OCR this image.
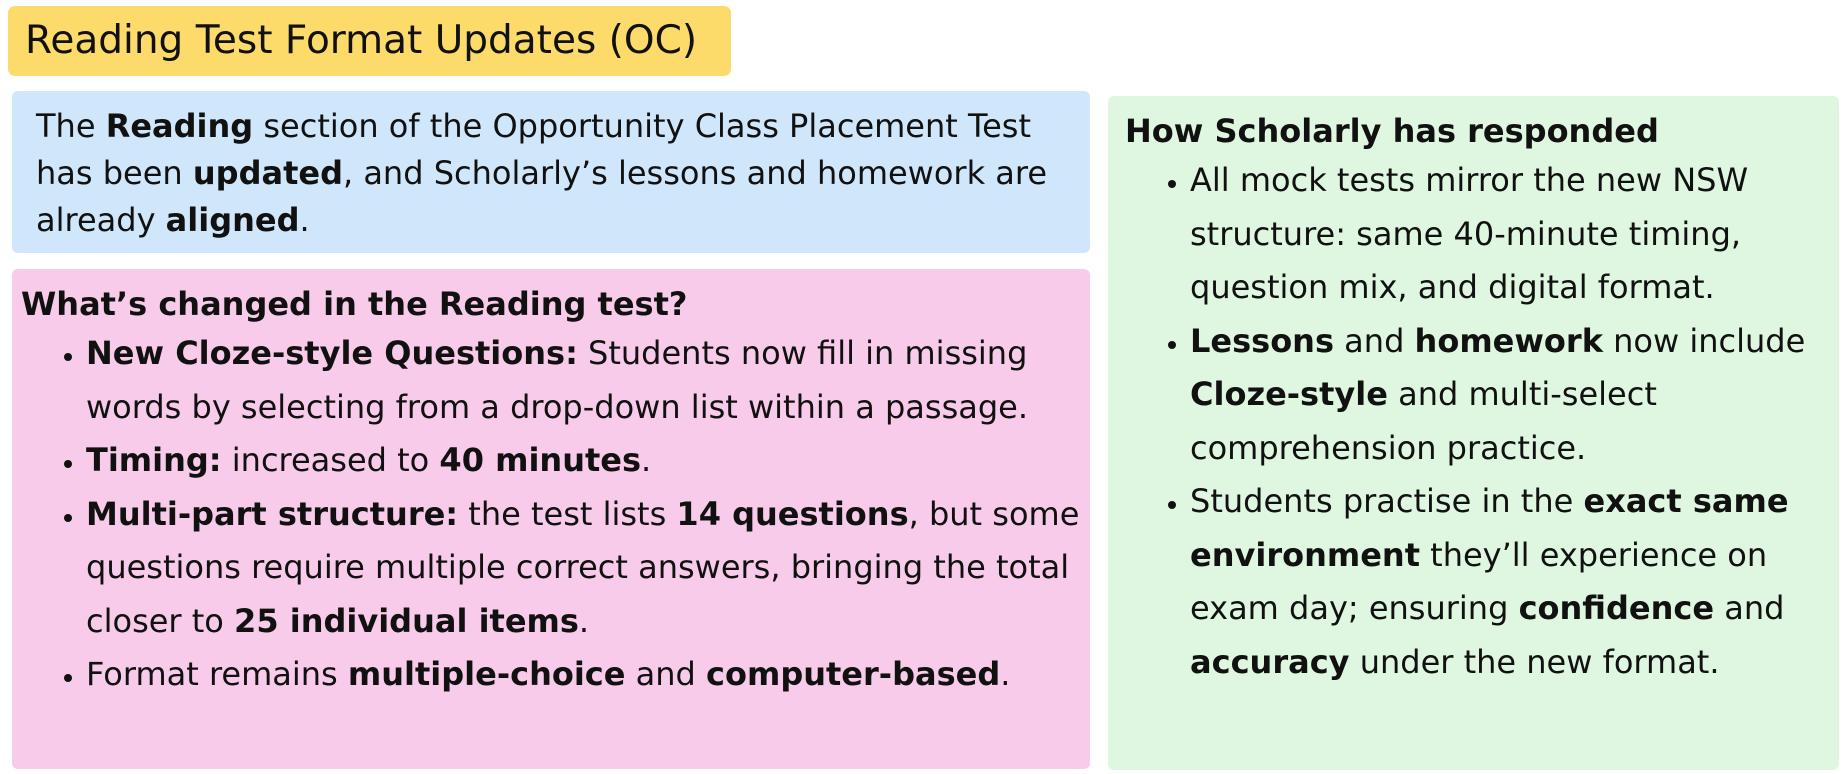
Reading Test Format Updates (OC)
The Reading section of the Opportunity Class Placement Test has been updated, and Scholarly’s lessons and homework are already aligned.
What’s changed in the Reading test?
• New Cloze-style Questions: Students now fill in missing words by selecting from a drop-down list within a passage.
• Timing: increased to 40 minutes.
• Multi-part structure: the test lists 14 questions, but some questions require multiple correct answers, bringing the total closer to 25 individual items.
• Format remains multiple-choice and computer-based.
How Scholarly has responded
• All mock tests mirror the new NSW structure: same 40-minute timing, question mix, and digital format.
• Lessons and homework now include Cloze-style and multi-select comprehension practice.
• Students practise in the exact same environment they’ll experience on exam day; ensuring confidence and accuracy under the new format.
